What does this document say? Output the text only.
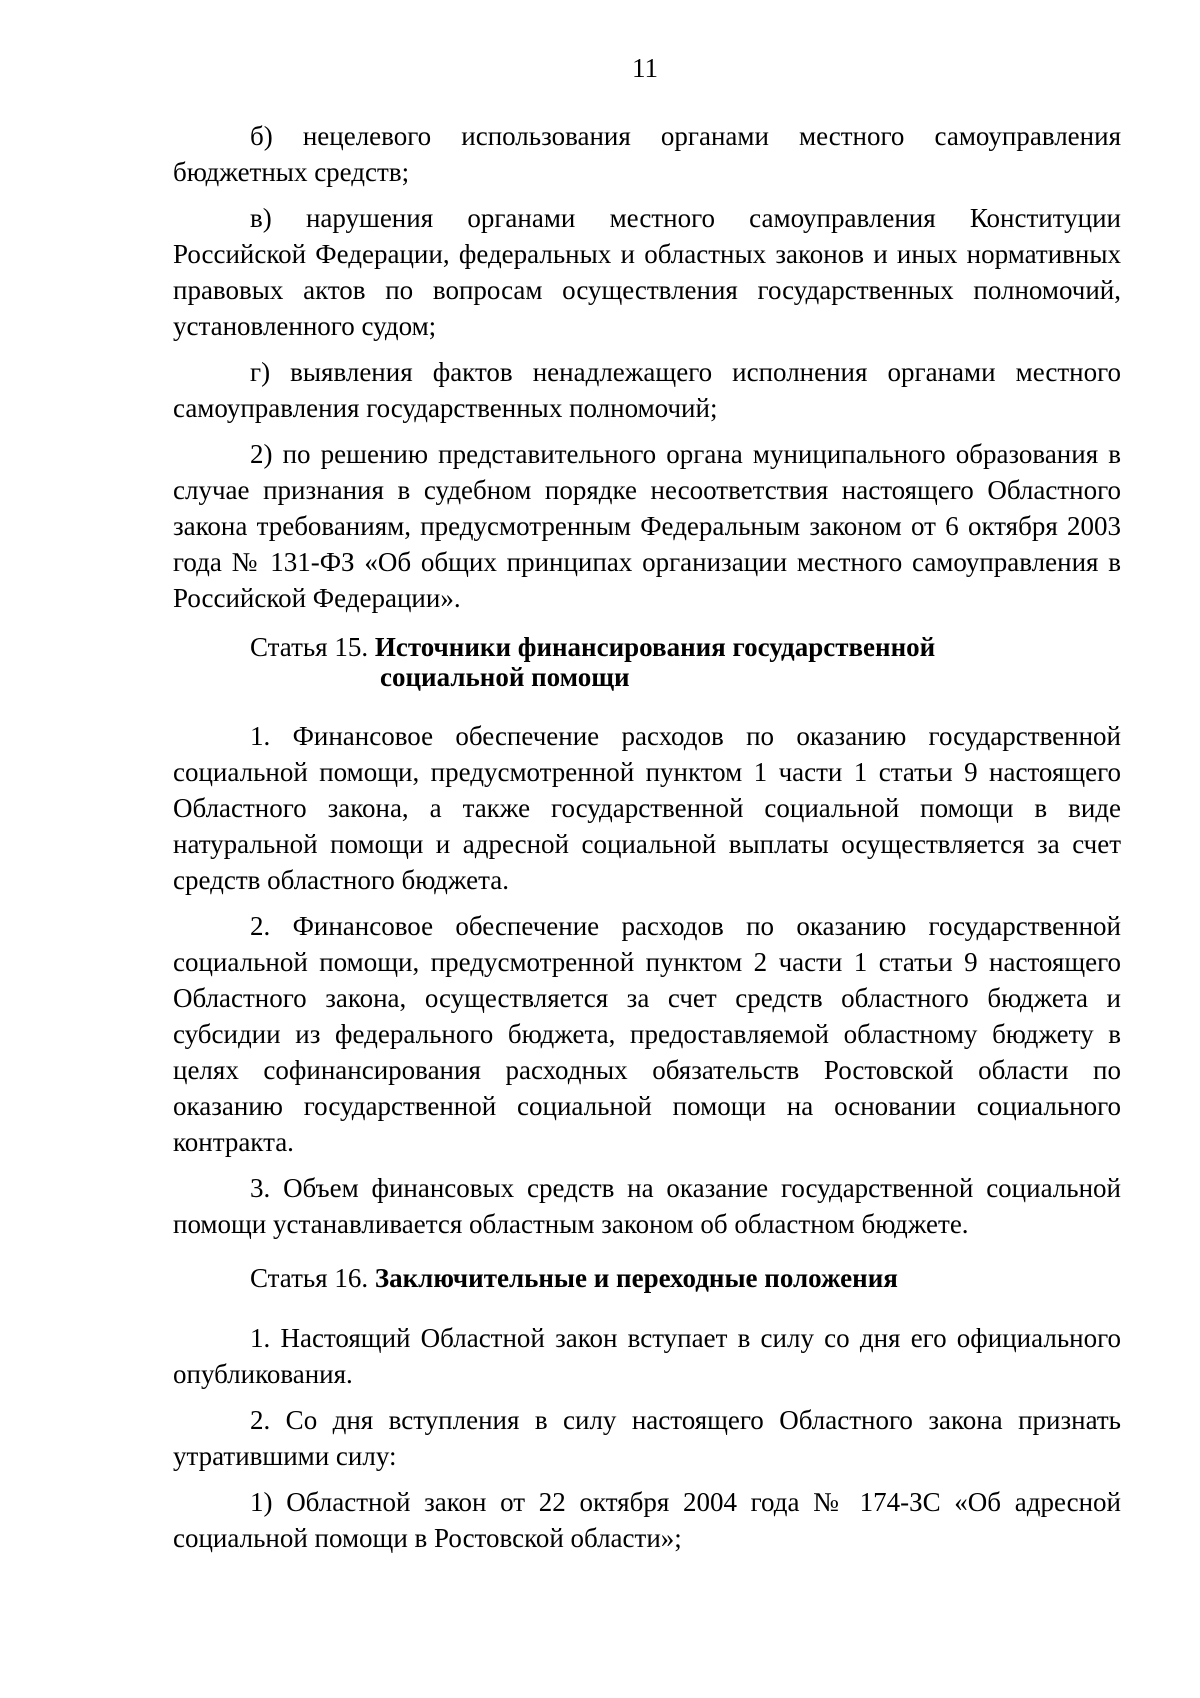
11

б) нецелевого использования органами местного самоуправления бюджетных средств;

в) нарушения органами местного самоуправления Конституции Российской Федерации, федеральных и областных законов и иных нормативных правовых актов по вопросам осуществления государственных полномочий, установленного судом;

г) выявления фактов ненадлежащего исполнения органами местного самоуправления государственных полномочий;

2) по решению представительного органа муниципального образования в случае признания в судебном порядке несоответствия настоящего Областного закона требованиям, предусмотренным Федеральным законом от 6 октября 2003 года № 131-ФЗ «Об общих принципах организации местного самоуправления в Российской Федерации».

Статья 15. Источники финансирования государственной
социальной помощи

1. Финансовое обеспечение расходов по оказанию государственной социальной помощи, предусмотренной пунктом 1 части 1 статьи 9 настоящего Областного закона, а также государственной социальной помощи в виде натуральной помощи и адресной социальной выплаты осуществляется за счет средств областного бюджета.

2. Финансовое обеспечение расходов по оказанию государственной социальной помощи, предусмотренной пунктом 2 части 1 статьи 9 настоящего Областного закона, осуществляется за счет средств областного бюджета и субсидии из федерального бюджета, предоставляемой областному бюджету в целях софинансирования расходных обязательств Ростовской области по оказанию государственной социальной помощи на основании социального контракта.

3. Объем финансовых средств на оказание государственной социальной помощи устанавливается областным законом об областном бюджете.

Статья 16. Заключительные и переходные положения

1. Настоящий Областной закон вступает в силу со дня его официального опубликования.

2. Со дня вступления в силу настоящего Областного закона признать утратившими силу:

1) Областной закон от 22 октября 2004 года № 174-ЗС «Об адресной социальной помощи в Ростовской области»;
